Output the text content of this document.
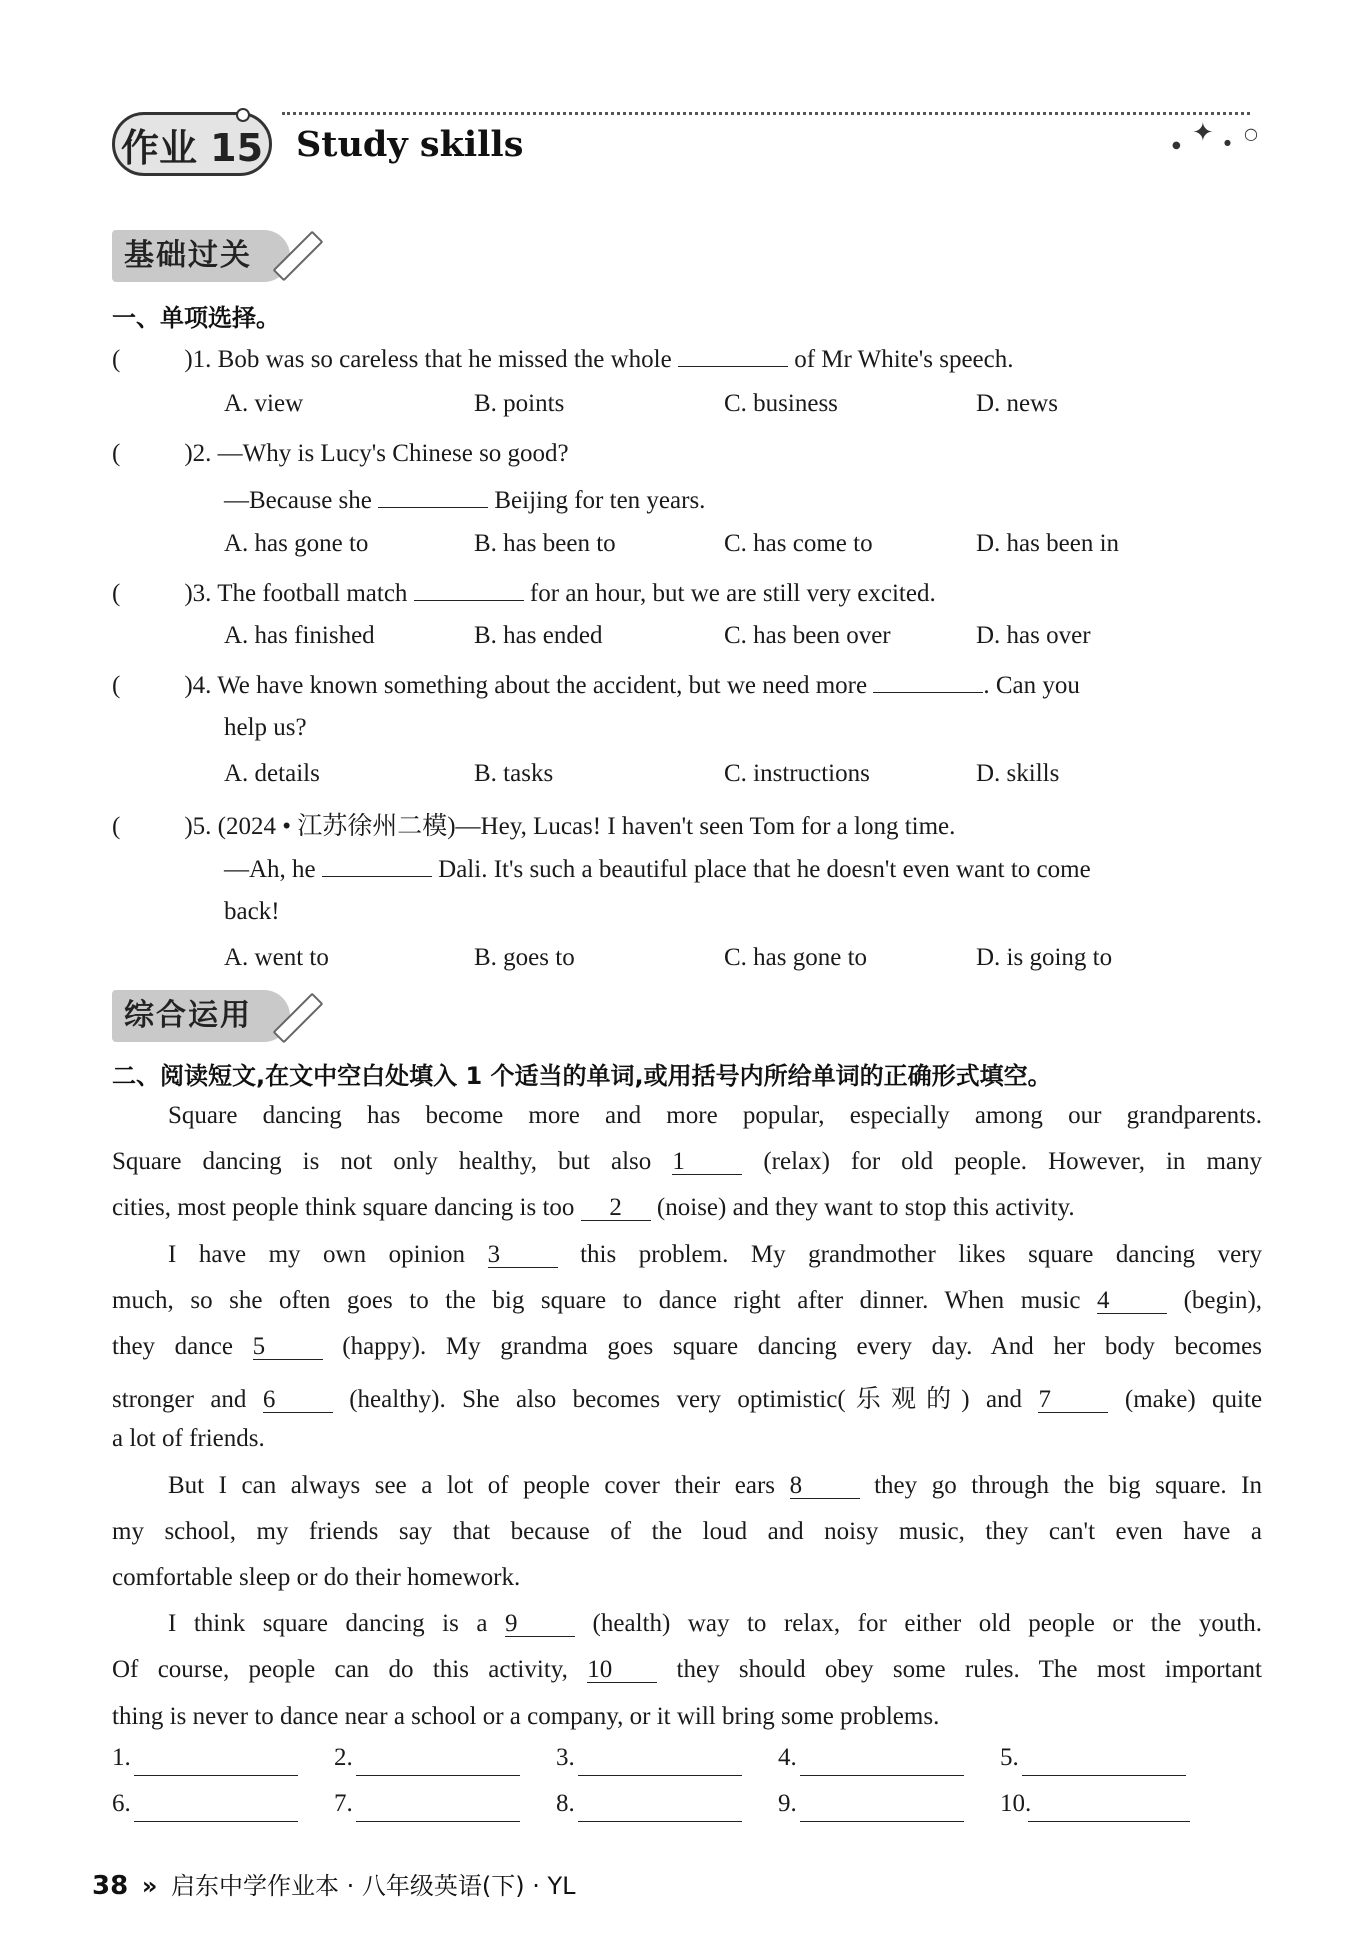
作业 15 Study skills	● ✦ ● ○
基础过关
一、单项选择。
(	)1. Bob was so careless that he missed the whole	of Mr White's speech.
A. view	B. points	C. business	D. news
(	)2. —Why is Lucy's Chinese so good?
—Because she	Beijing for ten years.
A. has gone to	B. has been to	C. has come to	D. has been in
(	)3. The football match	for an hour, but we are still very excited.
A. has finished	B. has ended	C. has been over	D. has over
(	)4. We have known something about the accident, but we need more	. Can you
help us?
A. details	B. tasks	C. instructions	D. skills
(	)5. (2024 • 江苏徐州二模)—Hey, Lucas! I haven't seen Tom for a long time.
—Ah, he	Dali. It's such a beautiful place that he doesn't even want to come
back!
A. went to	B. goes to	C. has gone to	D. is going to
综合运用
二、阅读短文,在文中空白处填入 1 个适当的单词,或用括号内所给单词的正确形式填空。
Square dancing has become more and more popular, especially among our grandparents.
Square dancing is not only healthy, but also 1	(relax) for old people. However, in many
cities, most people think square dancing is too 2 (noise) and they want to stop this activity.
I have my own opinion 3	this problem. My grandmother likes square dancing very
much, so she often goes to the big square to dance right after dinner. When music 4	(begin),
they dance 5	(happy). My grandma goes square dancing every day. And her body becomes
stronger and 6	(healthy). She also becomes very optimistic(乐观的) and 7	(make) quite
a lot of friends.
But I can always see a lot of people cover their ears 8	they go through the big square. In
my school, my friends say that because of the loud and noisy music, they can't even have a
comfortable sleep or do their homework.
I think square dancing is a 9	(health) way to relax, for either old people or the youth.
Of course, people can do this activity, 10	they should obey some rules. The most important
thing is never to dance near a school or a company, or it will bring some problems.
1.	2.	3.	4.	5.
6.	7.	8.	9.	10.
38 » 启东中学作业本 · 八年级英语(下) · YL
